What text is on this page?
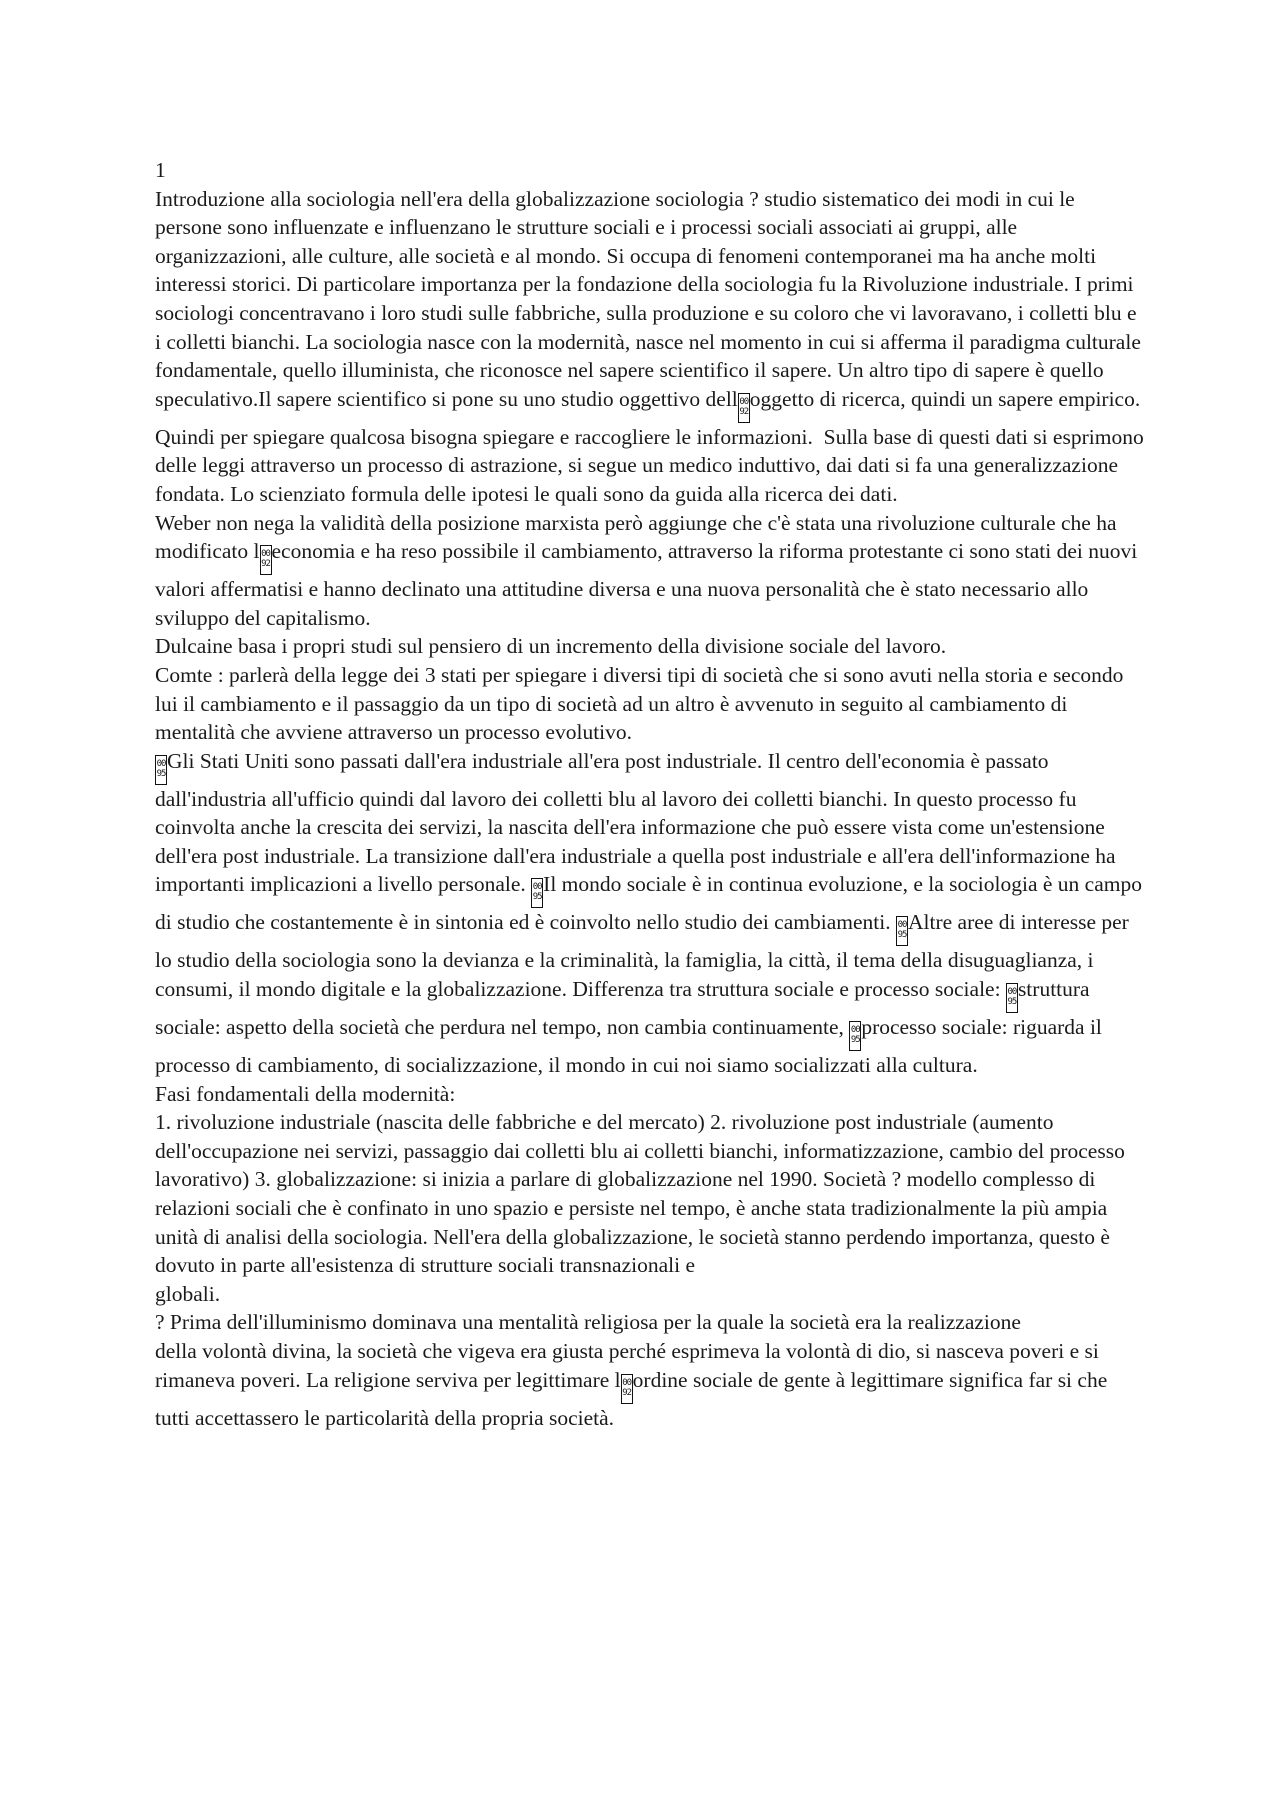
1

Introduzione alla sociologia nell'era della globalizzazione sociologia ? studio sistematico dei modi in cui le persone sono influenzate e influenzano le strutture sociali e i processi sociali associati ai gruppi, alle organizzazioni, alle culture, alle società e al mondo. Si occupa di fenomeni contemporanei ma ha anche molti interessi storici. Di particolare importanza per la fondazione della sociologia fu la Rivoluzione industriale. I primi sociologi concentravano i loro studi sulle fabbriche, sulla produzione e su coloro che vi lavoravano, i colletti blu e i colletti bianchi. La sociologia nasce con la modernità, nasce nel momento in cui si afferma il paradigma culturale fondamentale, quello illuminista, che riconosce nel sapere scientifico il sapere. Un altro tipo di sapere è quello speculativo.Il sapere scientifico si pone su uno studio oggettivo dell 00 92oggetto di ricerca, quindi un sapere empirico. Quindi per spiegare qualcosa bisogna spiegare e raccogliere le informazioni.  Sulla base di questi dati si esprimono delle leggi attraverso un processo di astrazione, si segue un medico induttivo, dai dati si fa una generalizzazione fondata. Lo scienziato formula delle ipotesi le quali sono da guida alla ricerca dei dati.

Weber non nega la validità della posizione marxista però aggiunge che c'è stata una rivoluzione culturale che ha modificato l 00 92economia e ha reso possibile il cambiamento, attraverso la riforma protestante ci sono stati dei nuovi valori affermatisi e hanno declinato una attitudine diversa e una nuova personalità che è stato necessario allo sviluppo del capitalismo.

Dulcaine basa i propri studi sul pensiero di un incremento della divisione sociale del lavoro.

Comte : parlerà della legge dei 3 stati per spiegare i diversi tipi di società che si sono avuti nella storia e secondo lui il cambiamento e il passaggio da un tipo di società ad un altro è avvenuto in seguito al cambiamento di mentalità che avviene attraverso un processo evolutivo.

00 95Gli Stati Uniti sono passati dall'era industriale all'era post industriale. Il centro dell'economia è passato dall'industria all'ufficio quindi dal lavoro dei colletti blu al lavoro dei colletti bianchi. In questo processo fu coinvolta anche la crescita dei servizi, la nascita dell'era informazione che può essere vista come un'estensione dell'era post industriale. La transizione dall'era industriale a quella post industriale e all'era dell'informazione ha importanti implicazioni a livello personale. 00 95Il mondo sociale è in continua evoluzione, e la sociologia è un campo di studio che costantemente è in sintonia ed è coinvolto nello studio dei cambiamenti. 00 95Altre aree di interesse per lo studio della sociologia sono la devianza e la criminalità, la famiglia, la città, il tema della disuguaglianza, i consumi, il mondo digitale e la globalizzazione. Differenza tra struttura sociale e processo sociale: 00 95struttura sociale: aspetto della società che perdura nel tempo, non cambia continuamente, 00 95processo sociale: riguarda il processo di cambiamento, di socializzazione, il mondo in cui noi siamo socializzati alla cultura.

Fasi fondamentali della modernità:

1. rivoluzione industriale (nascita delle fabbriche e del mercato) 2. rivoluzione post industriale (aumento dell'occupazione nei servizi, passaggio dai colletti blu ai colletti bianchi, informatizzazione, cambio del processo lavorativo) 3. globalizzazione: si inizia a parlare di globalizzazione nel 1990. Società ? modello complesso di relazioni sociali che è confinato in uno spazio e persiste nel tempo, è anche stata tradizionalmente la più ampia unità di analisi della sociologia. Nell'era della globalizzazione, le società stanno perdendo importanza, questo è dovuto in parte all'esistenza di strutture sociali transnazionali e

globali.

? Prima dell'illuminismo dominava una mentalità religiosa per la quale la società era la realizzazione

della volontà divina, la società che vigeva era giusta perché esprimeva la volontà di dio, si nasceva poveri e si rimaneva poveri. La religione serviva per legittimare l 00 92ordine sociale de gente à legittimare significa far si che tutti accettassero le particolarità della propria società.
